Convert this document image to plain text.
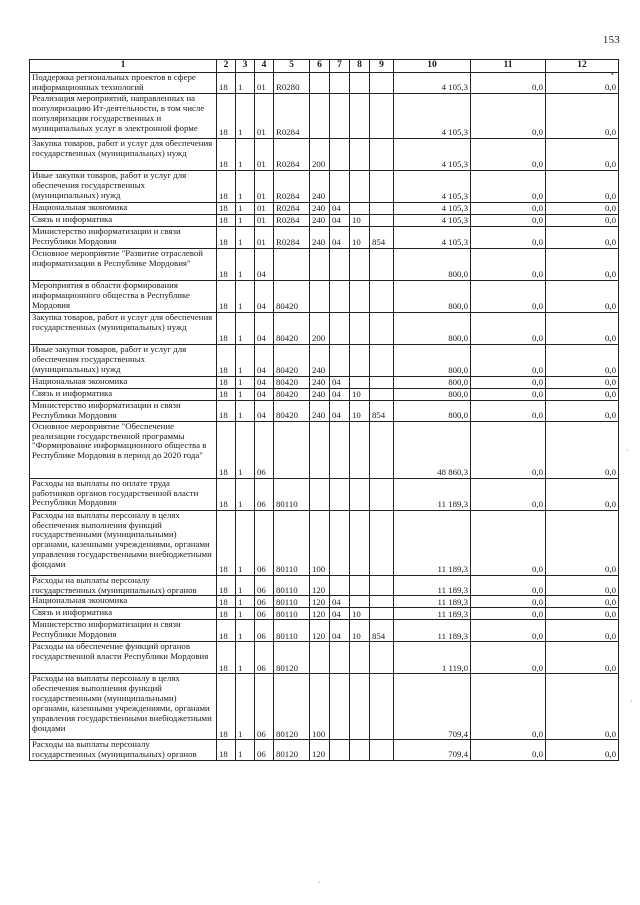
153
•
·
·
·
1	2	3	4	5	6	7	8	9	10	11	12
Поддержка региональных проектов в сфере информационных технологий	18	1	01	R0280					4 105,3	0,0	0,0
Реализация мероприятий, направленных на популяризацию Ит-деятельности, в том числе популяризация государственных и муниципальных услуг в электронной форме	18	1	01	R0284					4 105,3	0,0	0,0
Закупка товаров, работ и услуг для обеспечения государственных (муниципальных) нужд	18	1	01	R0284	200				4 105,3	0,0	0,0
Иные закупки товаров, работ и услуг для обеспечения государственных (муниципальных) нужд	18	1	01	R0284	240				4 105,3	0,0	0,0
Национальная экономика	18	1	01	R0284	240	04			4 105,3	0,0	0,0
Связь и информатика	18	1	01	R0284	240	04	10		4 105,3	0,0	0,0
Министерство информатизации и связи Республики Мордовия	18	1	01	R0284	240	04	10	854	4 105,3	0,0	0,0
Основное мероприятие "Развитие отраслевой информатизации в Республике Мордовия"	18	1	04						800,0	0,0	0,0
Мероприятия в области формирования информационного общества в Республике Мордовия	18	1	04	80420					800,0	0,0	0,0
Закупка товаров, работ и услуг для обеспечения государственных (муниципальных) нужд	18	1	04	80420	200				800,0	0,0	0,0
Иные закупки товаров, работ и услуг для обеспечения государственных (муниципальных) нужд	18	1	04	80420	240				800,0	0,0	0,0
Национальная экономика	18	1	04	80420	240	04			800,0	0,0	0,0
Связь и информатика	18	1	04	80420	240	04	10		800,0	0,0	0,0
Министерство информатизации и связи Республики Мордовия	18	1	04	80420	240	04	10	854	800,0	0,0	0,0
Основное мероприятие "Обеспечение реализации государственной программы "Формирование информационного общества в Республике Мордовия в период до 2020 года"	18	1	06						48 860,3	0,0	0,0
Расходы на выплаты по оплате труда работников органов государственной власти Республики Мордовия	18	1	06	80110					11 189,3	0,0	0,0
Расходы на выплаты персоналу в целях обеспечения выполнения функций государственными (муниципальными) органами, казенными учреждениями, органами управления государственными внебюджетными фондами	18	1	06	80110	100				11 189,3	0,0	0,0
Расходы на выплаты персоналу государственных (муниципальных) органов	18	1	06	80110	120				11 189,3	0,0	0,0
Национальная экономика	18	1	06	80110	120	04			11 189,3	0,0	0,0
Связь и информатика	18	1	06	80110	120	04	10		11 189,3	0,0	0,0
Министерство информатизации и связи Республики Мордовия	18	1	06	80110	120	04	10	854	11 189,3	0,0	0,0
Расходы на обеспечение функций органов государственной власти Республики Мордовия	18	1	06	80120					1 119,0	0,0	0,0
Расходы на выплаты персоналу в целях обеспечения выполнения функций государственными (муниципальными) органами, казенными учреждениями, органами управления государственными внебюджетными фондами	18	1	06	80120	100				709,4	0,0	0,0
Расходы на выплаты персоналу государственных (муниципальных) органов	18	1	06	80120	120				709,4	0,0	0,0
